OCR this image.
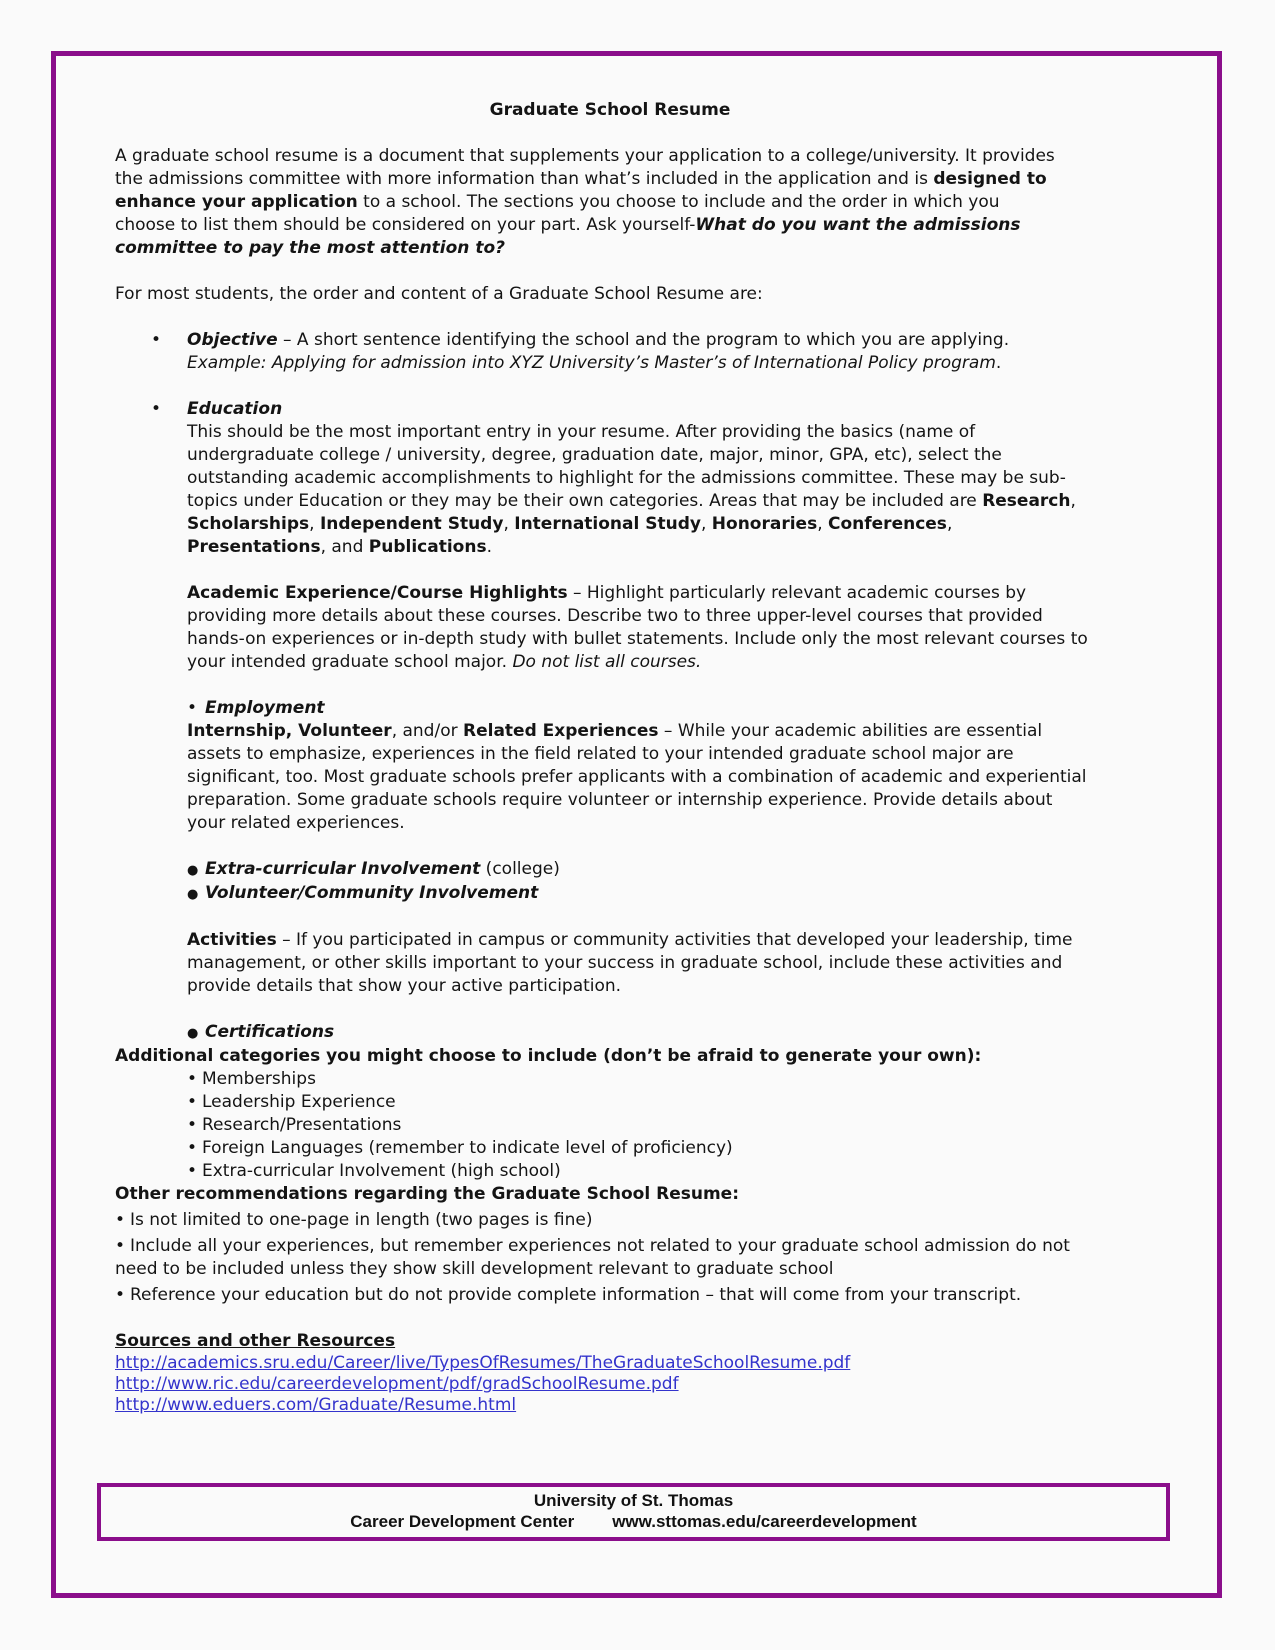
Graduate School Resume
A graduate school resume is a document that supplements your application to a college/university. It provides the admissions committee with more information than what’s included in the application and is designed to enhance your application to a school. The sections you choose to include and the order in which you choose to list them should be considered on your part. Ask yourself-What do you want the admissions committee to pay the most attention to?
For most students, the order and content of a Graduate School Resume are:
• Objective – A short sentence identifying the school and the program to which you are applying.
Example: Applying for admission into XYZ University’s Master’s of International Policy program.
• Education
This should be the most important entry in your resume. After providing the basics (name of undergraduate college / university, degree, graduation date, major, minor, GPA, etc), select the outstanding academic accomplishments to highlight for the admissions committee. These may be sub-topics under Education or they may be their own categories. Areas that may be included are Research, Scholarships, Independent Study, International Study, Honoraries, Conferences, Presentations, and Publications.
Academic Experience/Course Highlights – Highlight particularly relevant academic courses by providing more details about these courses. Describe two to three upper-level courses that provided hands-on experiences or in-depth study with bullet statements. Include only the most relevant courses to your intended graduate school major. Do not list all courses.
• Employment
Internship, Volunteer, and/or Related Experiences – While your academic abilities are essential assets to emphasize, experiences in the field related to your intended graduate school major are significant, too. Most graduate schools prefer applicants with a combination of academic and experiential preparation. Some graduate schools require volunteer or internship experience. Provide details about your related experiences.
● Extra-curricular Involvement (college)
● Volunteer/Community Involvement
Activities – If you participated in campus or community activities that developed your leadership, time management, or other skills important to your success in graduate school, include these activities and provide details that show your active participation.
● Certifications
Additional categories you might choose to include (don’t be afraid to generate your own):
• Memberships
• Leadership Experience
• Research/Presentations
• Foreign Languages (remember to indicate level of proficiency)
• Extra-curricular Involvement (high school)
Other recommendations regarding the Graduate School Resume:
• Is not limited to one-page in length (two pages is fine)
• Include all your experiences, but remember experiences not related to your graduate school admission do not need to be included unless they show skill development relevant to graduate school
• Reference your education but do not provide complete information – that will come from your transcript.
Sources and other Resources
http://academics.sru.edu/Career/live/TypesOfResumes/TheGraduateSchoolResume.pdf
http://www.ric.edu/careerdevelopment/pdf/gradSchoolResume.pdf
http://www.eduers.com/Graduate/Resume.html
University of St. Thomas
Career Development Center www.sttomas.edu/careerdevelopment
